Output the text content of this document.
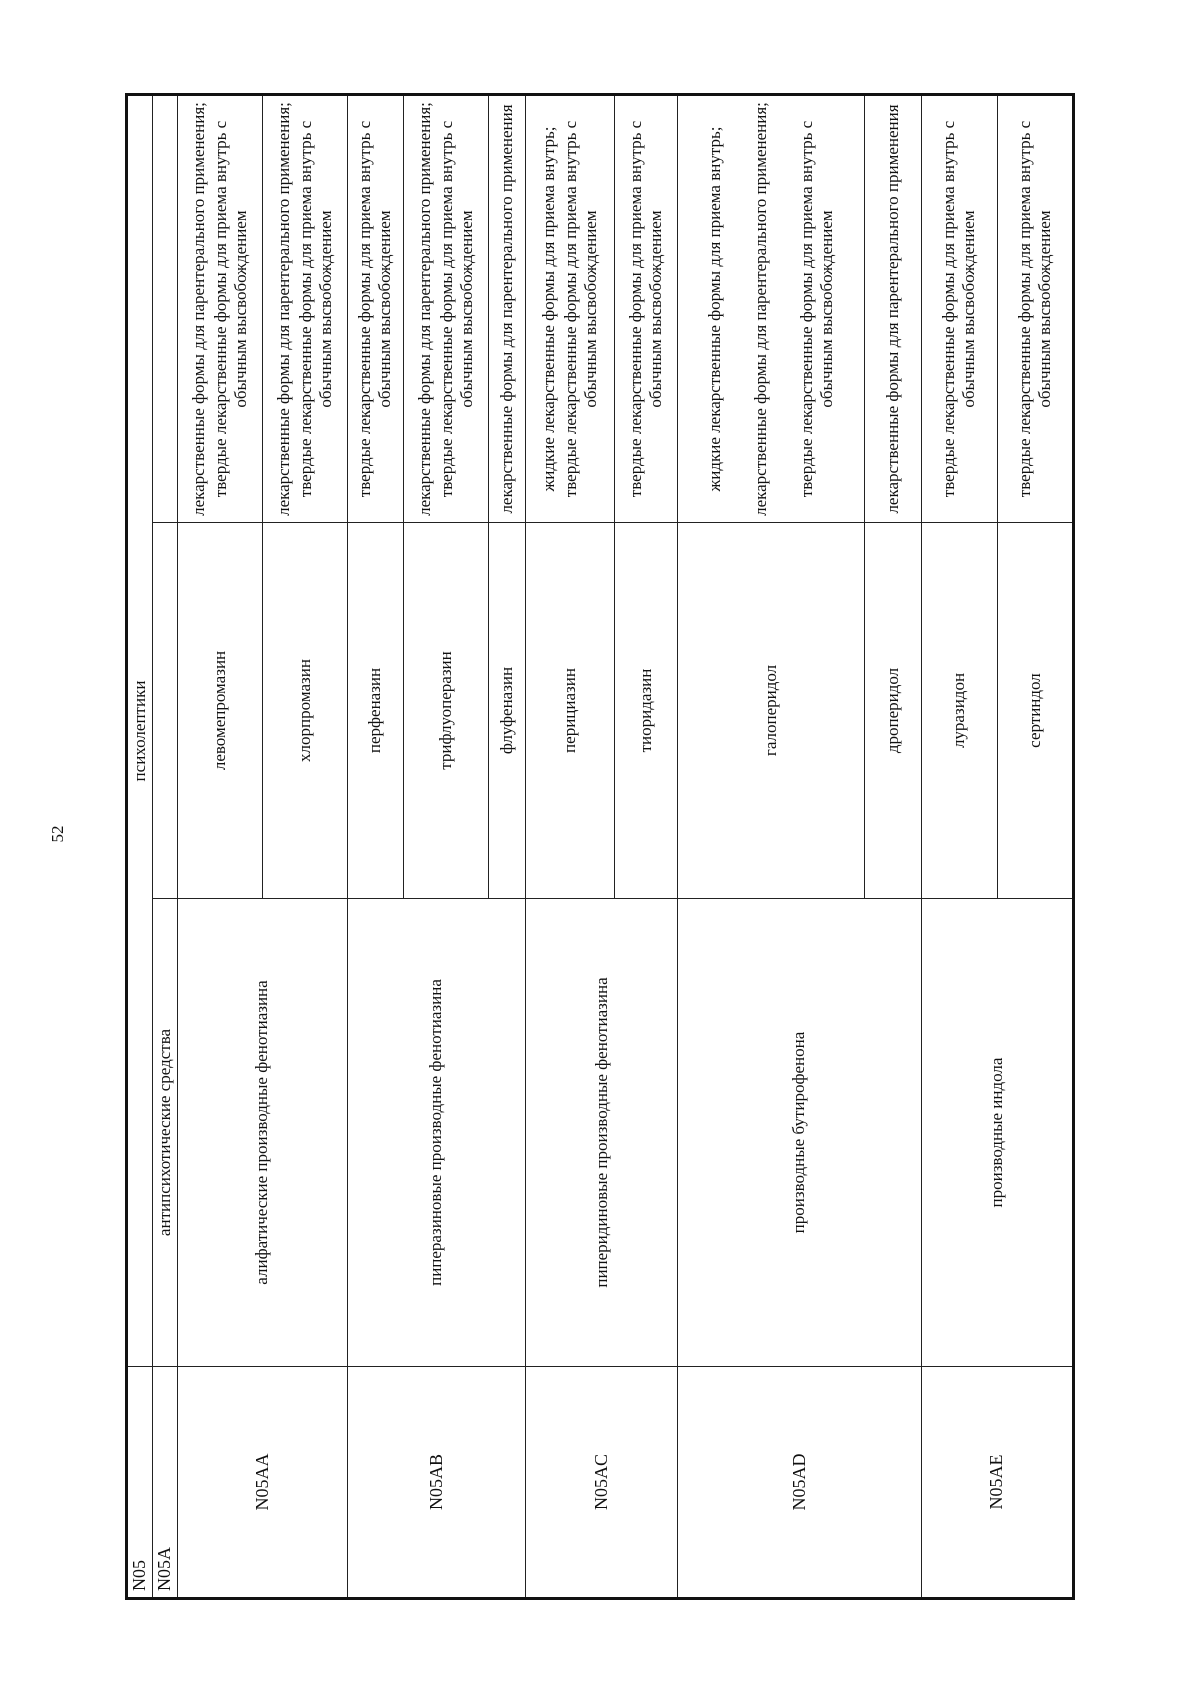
52
N05	психолептики		
N05A	антипсихотические средства		
N05AA	алифатические производные фенотиазина	левомепромазин	лекарственные формы для парентерального применения; твердые лекарственные формы для приема внутрь с обычным высвобождением

		хлорпромазин	лекарственные формы для парентерального применения; твердые лекарственные формы для приема внутрь с обычным высвобождением

N05AB	пиперазиновые производные фенотиазина	перфеназин	твердые лекарственные формы для приема внутрь с обычным высвобождением

		трифлуоперазин	лекарственные формы для парентерального применения; твердые лекарственные формы для приема внутрь с обычным высвобождением

		флуфеназин	лекарственные формы для парентерального применения

N05AC	пиперидиновые производные фенотиазина	перициазин	жидкие лекарственные формы для приема внутрь; твердые лекарственные формы для приема внутрь с обычным высвобождением

		тиоридазин	твердые лекарственные формы для приема внутрь с обычным высвобождением

N05AD	производные бутирофенона	галоперидол	жидкие лекарственные формы для приема внутрь; лекарственные формы для парентерального применения; твердые лекарственные формы для приема внутрь с обычным высвобождением

		дроперидол	лекарственные формы для парентерального применения

N05AE	производные индола	луразидон	твердые лекарственные формы для приема внутрь с обычным высвобождением

		сертиндол	твердые лекарственные формы для приема внутрь с обычным высвобождением
